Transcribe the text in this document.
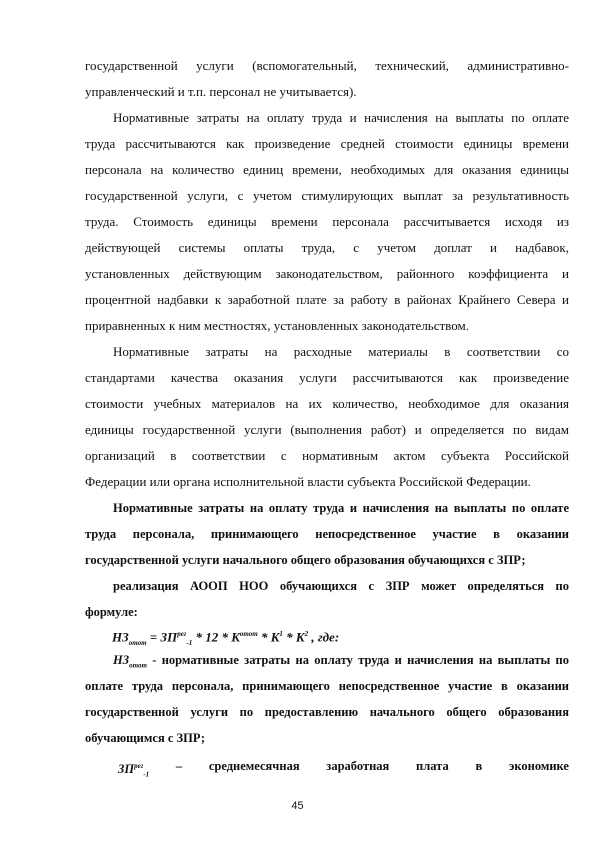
государственной услуги (вспомогательный, технический, административно-
управленческий и т.п. персонал не учитывается).
Нормативные затраты на оплату труда и начисления на выплаты по оплате
труда рассчитываются как произведение средней стоимости единицы времени
персонала на количество единиц времени, необходимых для оказания единицы
государственной услуги, с учетом стимулирующих выплат за результативность
труда. Стоимость единицы времени персонала рассчитывается исходя из
действующей системы оплаты труда, с учетом доплат и надбавок,
установленных действующим законодательством, районного коэффициента и
процентной надбавки к заработной плате за работу в районах Крайнего Севера и
приравненных к ним местностях, установленных законодательством.
Нормативные затраты на расходные материалы в соответствии со
стандартами качества оказания услуги рассчитываются как произведение
стоимости учебных материалов на их количество, необходимое для оказания
единицы государственной услуги (выполнения работ) и определяется по видам
организаций в соответствии с нормативным актом субъекта Российской
Федерации или органа исполнительной власти субъекта Российской Федерации.
Нормативные затраты на оплату труда и начисления на выплаты по оплате
труда персонала, принимающего непосредственное участие в оказании
государственной услуги начального общего образования обучающихся с ЗПР;
реализация АООП НОО обучающихся с ЗПР может определяться по
формуле:
$НЗ_{отот} = ЗП^{рег}_{-1} * 12 * K^{отот} * K^1 * K^2$ , где:
$НЗ_{отот}$ - нормативные затраты на оплату труда и начисления на выплаты по
оплате труда персонала, принимающего непосредственное участие в оказании
государственной услуги по предоставлению начального общего образования
обучающимся с ЗПР;
$ЗП^{рег}_{-1}$
– среднемесячная заработная плата в экономике
45
